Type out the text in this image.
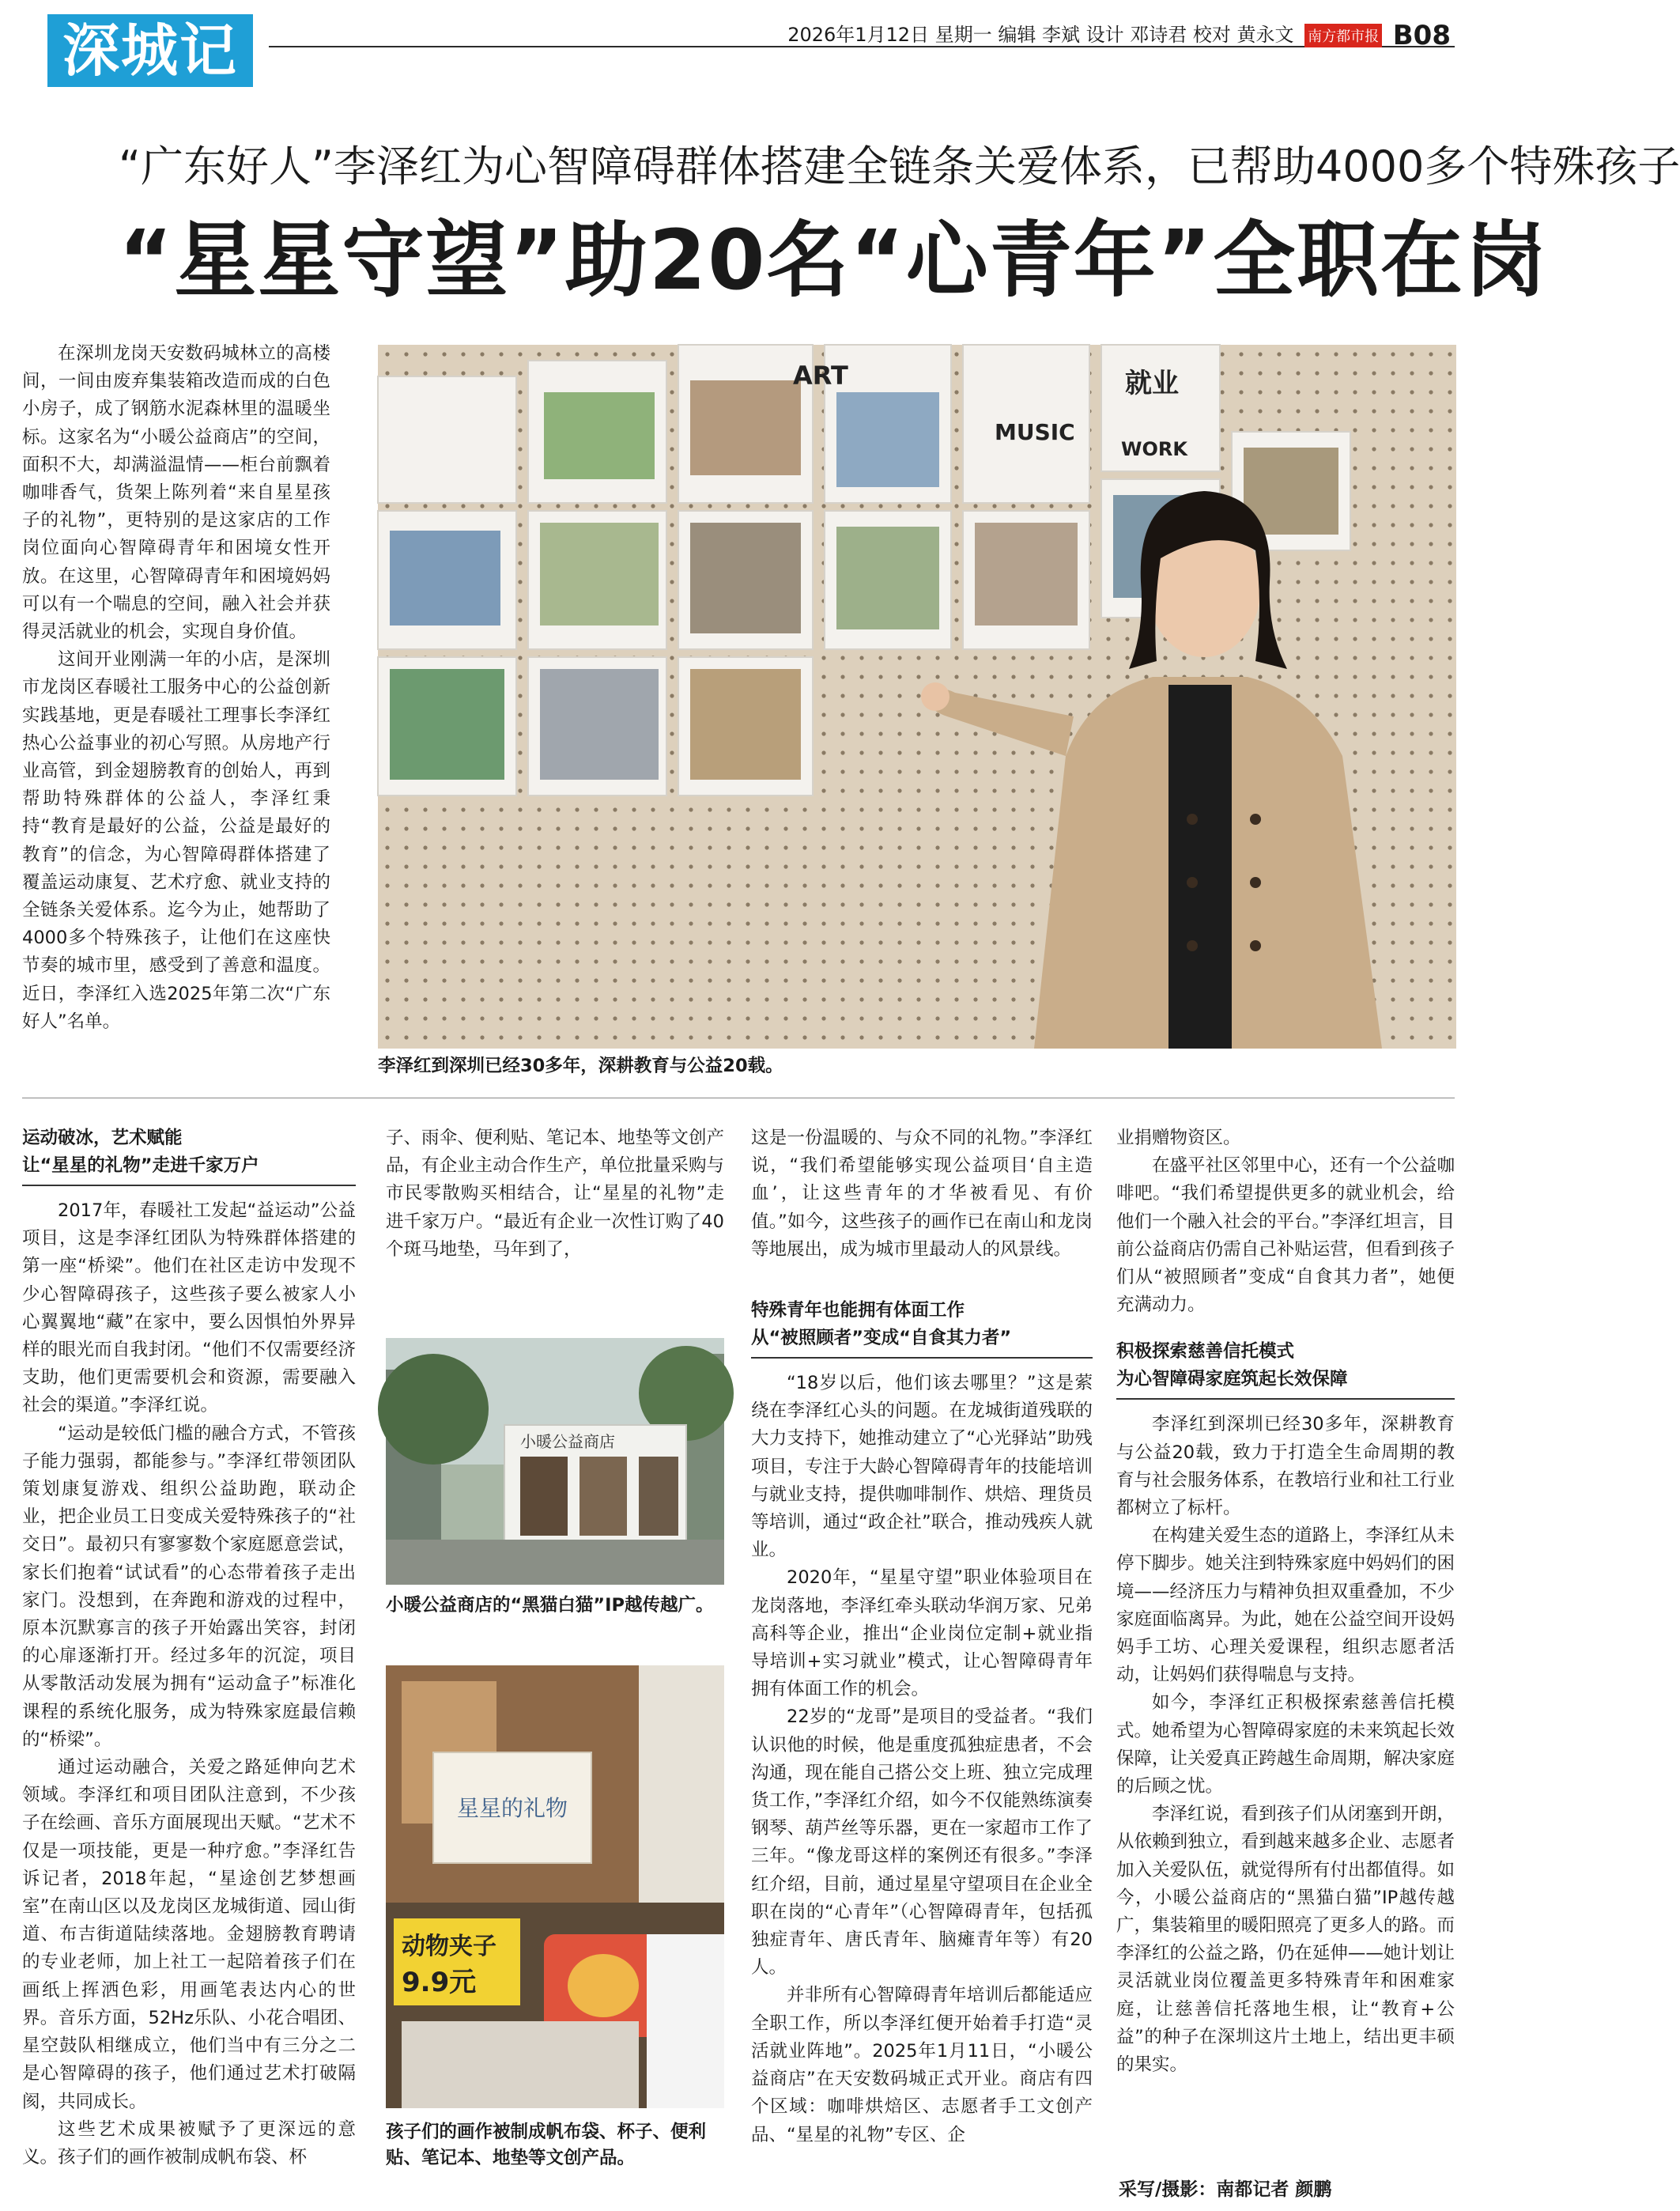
深城记	2026年1月12日 星期一 编辑 李斌 设计 邓诗君 校对 黄永文 南方都市报 B08
“广东好人”李泽红为心智障碍群体搭建全链条关爱体系，已帮助4000多个特殊孩子
“星星守望”助20名“心青年”全职在岗

在深圳龙岗天安数码城林立的高楼间，一间由废弃集装箱改造而成的白色小房子，成了钢筋水泥森林里的温暖坐标。这家名为“小暖公益商店”的空间，面积不大，却满溢温情——柜台前飘着咖啡香气，货架上陈列着“来自星星孩子的礼物”，更特别的是这家店的工作岗位面向心智障碍青年和困境女性开放。在这里，心智障碍青年和困境妈妈可以有一个喘息的空间，融入社会并获得灵活就业的机会，实现自身价值。

这间开业刚满一年的小店，是深圳市龙岗区春暖社工服务中心的公益创新实践基地，更是春暖社工理事长李泽红热心公益事业的初心写照。从房地产行业高管，到金翅膀教育的创始人，再到帮助特殊群体的公益人，李泽红秉持“教育是最好的公益，公益是最好的教育”的信念，为心智障碍群体搭建了覆盖运动康复、艺术疗愈、就业支持的全链条关爱体系。迄今为止，她帮助了4000多个特殊孩子，让他们在这座快节奏的城市里，感受到了善意和温度。近日，李泽红入选2025年第二次“广东好人”名单。

ART
MUSIC
就业
WORK
李泽红到深圳已经30多年，深耕教育与公益20载。
运动破冰，艺术赋能
让“星星的礼物”走进千家万户

2017年，春暖社工发起“益运动”公益项目，这是李泽红团队为特殊群体搭建的第一座“桥梁”。他们在社区走访中发现不少心智障碍孩子，这些孩子要么被家人小心翼翼地“藏”在家中，要么因惧怕外界异样的眼光而自我封闭。“他们不仅需要经济支助，他们更需要机会和资源，需要融入社会的渠道。”李泽红说。

“运动是较低门槛的融合方式，不管孩子能力强弱，都能参与。”李泽红带领团队策划康复游戏、组织公益助跑，联动企业，把企业员工日变成关爱特殊孩子的“社交日”。最初只有寥寥数个家庭愿意尝试，家长们抱着“试试看”的心态带着孩子走出家门。没想到，在奔跑和游戏的过程中，原本沉默寡言的孩子开始露出笑容，封闭的心扉逐渐打开。经过多年的沉淀，项目从零散活动发展为拥有“运动盒子”标准化课程的系统化服务，成为特殊家庭最信赖的“桥梁”。

通过运动融合，关爱之路延伸向艺术领域。李泽红和项目团队注意到，不少孩子在绘画、音乐方面展现出天赋。“艺术不仅是一项技能，更是一种疗愈。”李泽红告诉记者，2018年起，“星途创艺梦想画室”在南山区以及龙岗区龙城街道、园山街道、布吉街道陆续落地。金翅膀教育聘请的专业老师，加上社工一起陪着孩子们在画纸上挥洒色彩，用画笔表达内心的世界。音乐方面，52Hz乐队、小花合唱团、星空鼓队相继成立，他们当中有三分之二是心智障碍的孩子，他们通过艺术打破隔阂，共同成长。

这些艺术成果被赋予了更深远的意义。孩子们的画作被制成帆布袋、杯

子、雨伞、便利贴、笔记本、地垫等文创产品，有企业主动合作生产，单位批量采购与市民零散购买相结合，让“星星的礼物”走进千家万户。“最近有企业一次性订购了40个斑马地垫，马年到了，

小暖公益商店
小暖公益商店的“黑猫白猫”IP越传越广。
星星的礼物
动物夹子
9.9元
孩子们的画作被制成帆布袋、杯子、便利贴、笔记本、地垫等文创产品。

这是一份温暖的、与众不同的礼物。”李泽红说，“我们希望能够实现公益项目‘自主造血’，让这些青年的才华被看见、有价值。”如今，这些孩子的画作已在南山和龙岗等地展出，成为城市里最动人的风景线。

特殊青年也能拥有体面工作
从“被照顾者”变成“自食其力者”

“18岁以后，他们该去哪里？”这是萦绕在李泽红心头的问题。在龙城街道残联的大力支持下，她推动建立了“心光驿站”助残项目，专注于大龄心智障碍青年的技能培训与就业支持，提供咖啡制作、烘焙、理货员等培训，通过“政企社”联合，推动残疾人就业。

2020年，“星星守望”职业体验项目在龙岗落地，李泽红牵头联动华润万家、兄弟高科等企业，推出“企业岗位定制+就业指导培训+实习就业”模式，让心智障碍青年拥有体面工作的机会。

22岁的“龙哥”是项目的受益者。“我们认识他的时候，他是重度孤独症患者，不会沟通，现在能自己搭公交上班、独立完成理货工作，”李泽红介绍，如今不仅能熟练演奏钢琴、葫芦丝等乐器，更在一家超市工作了三年。“像龙哥这样的案例还有很多。”李泽红介绍，目前，通过星星守望项目在企业全职在岗的“心青年”（心智障碍青年，包括孤独症青年、唐氏青年、脑瘫青年等）有20人。

并非所有心智障碍青年培训后都能适应全职工作，所以李泽红便开始着手打造“灵活就业阵地”。2025年1月11日，“小暖公益商店”在天安数码城正式开业。商店有四个区域：咖啡烘焙区、志愿者手工文创产品、“星星的礼物”专区、企

业捐赠物资区。

在盛平社区邻里中心，还有一个公益咖啡吧。“我们希望提供更多的就业机会，给他们一个融入社会的平台。”李泽红坦言，目前公益商店仍需自己补贴运营，但看到孩子们从“被照顾者”变成“自食其力者”，她便充满动力。

积极探索慈善信托模式
为心智障碍家庭筑起长效保障

李泽红到深圳已经30多年，深耕教育与公益20载，致力于打造全生命周期的教育与社会服务体系，在教培行业和社工行业都树立了标杆。

在构建关爱生态的道路上，李泽红从未停下脚步。她关注到特殊家庭中妈妈们的困境——经济压力与精神负担双重叠加，不少家庭面临离异。为此，她在公益空间开设妈妈手工坊、心理关爱课程，组织志愿者活动，让妈妈们获得喘息与支持。

如今，李泽红正积极探索慈善信托模式。她希望为心智障碍家庭的未来筑起长效保障，让关爱真正跨越生命周期，解决家庭的后顾之忧。

李泽红说，看到孩子们从闭塞到开朗，从依赖到独立，看到越来越多企业、志愿者加入关爱队伍，就觉得所有付出都值得。如今，小暖公益商店的“黑猫白猫”IP越传越广，集装箱里的暖阳照亮了更多人的路。而李泽红的公益之路，仍在延伸——她计划让灵活就业岗位覆盖更多特殊青年和困难家庭，让慈善信托落地生根，让“教育+公益”的种子在深圳这片土地上，结出更丰硕的果实。

采写/摄影：南都记者 颜鹏
